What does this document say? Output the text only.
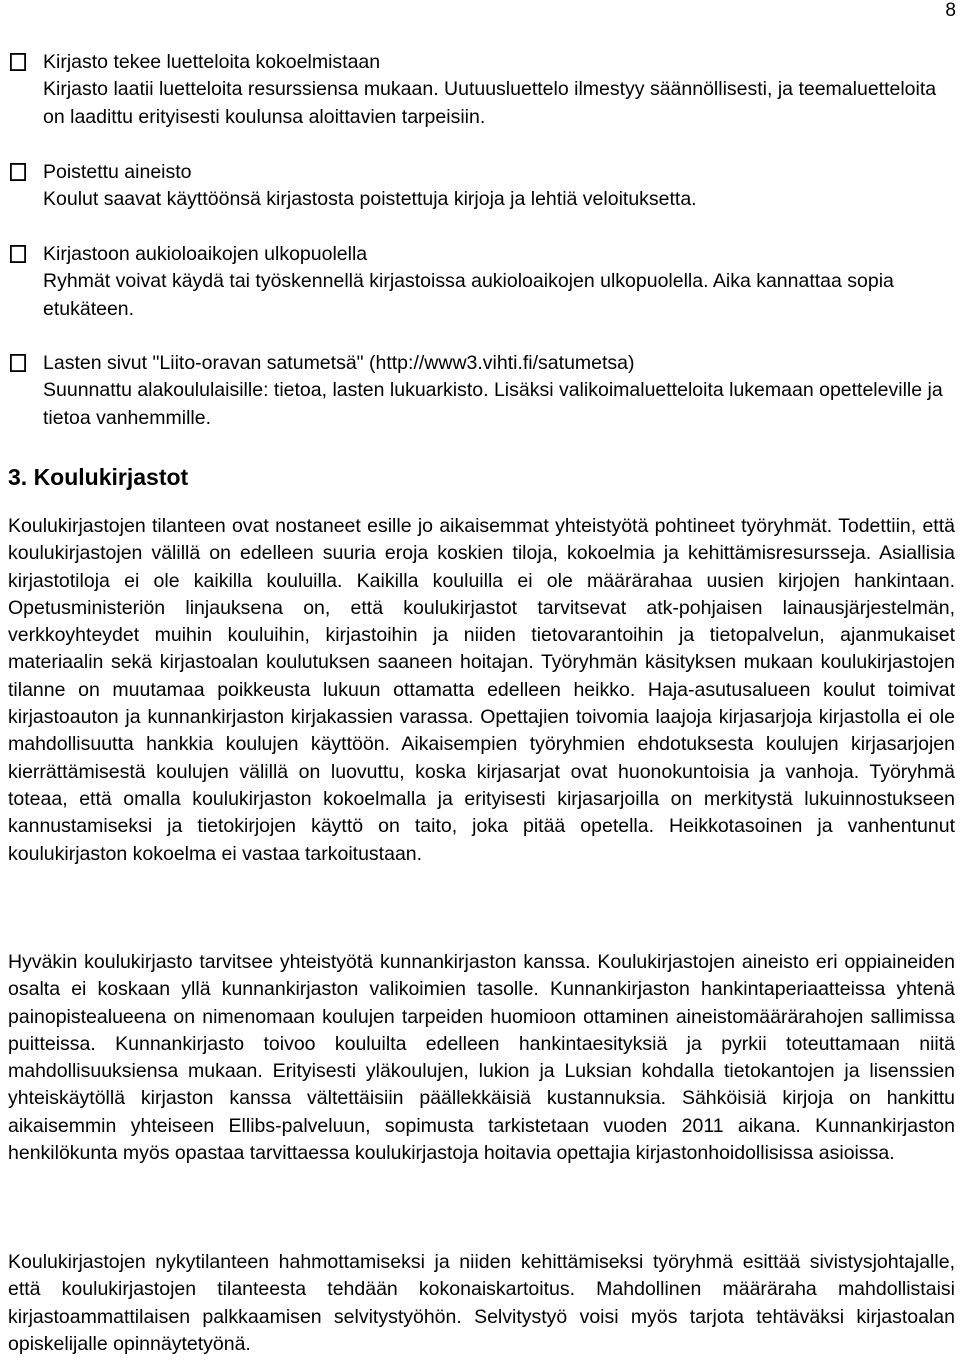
8
Kirjasto tekee luetteloita kokoelmistaan
Kirjasto laatii luetteloita resurssiensa mukaan. Uutuusluettelo ilmestyy säännöllisesti, ja teemaluetteloita on laadittu erityisesti koulunsa aloittavien tarpeisiin.
Poistettu aineisto
Koulut saavat käyttöönsä kirjastosta poistettuja kirjoja ja lehtiä veloituksetta.
Kirjastoon aukioloaikojen ulkopuolella
Ryhmät voivat käydä tai työskennellä kirjastoissa aukioloaikojen ulkopuolella. Aika kannattaa sopia etukäteen.
Lasten sivut "Liito-oravan satumetsä" (http://www3.vihti.fi/satumetsa)
Suunnattu alakoululaisille: tietoa, lasten lukuarkisto. Lisäksi valikoimaluetteloita lukemaan opetteleville ja tietoa vanhemmille.
3. Koulukirjastot

Koulukirjastojen tilanteen ovat nostaneet esille jo aikaisemmat yhteistyötä pohtineet työryhmät. Todettiin, että koulukirjastojen välillä on edelleen suuria eroja koskien tiloja, kokoelmia ja kehittämisresursseja. Asiallisia kirjastotiloja ei ole kaikilla kouluilla. Kaikilla kouluilla ei ole määrärahaa uusien kirjojen hankintaan. Opetusministeriön linjauksena on, että koulukirjastot tarvitsevat atk-pohjaisen lainausjärjestelmän, verkkoyhteydet muihin kouluihin, kirjastoihin ja niiden tietovarantoihin ja tietopalvelun, ajanmukaiset materiaalin sekä kirjastoalan koulutuksen saaneen hoitajan. Työryhmän käsityksen mukaan koulukirjastojen tilanne on muutamaa poikkeusta lukuun ottamatta edelleen heikko. Haja-asutusalueen koulut toimivat kirjastoauton ja kunnankirjaston kirjakassien varassa. Opettajien toivomia laajoja kirjasarjoja kirjastolla ei ole mahdollisuutta hankkia koulujen käyttöön. Aikaisempien työryhmien ehdotuksesta koulujen kirjasarjojen kierrättämisestä koulujen välillä on luovuttu, koska kirjasarjat ovat huonokuntoisia ja vanhoja. Työryhmä toteaa, että omalla koulukirjaston kokoelmalla ja erityisesti kirjasarjoilla on merkitystä lukuinnostukseen kannustamiseksi ja tietokirjojen käyttö on taito, joka pitää opetella. Heikkotasoinen ja vanhentunut koulukirjaston kokoelma ei vastaa tarkoitustaan.

Hyväkin koulukirjasto tarvitsee yhteistyötä kunnankirjaston kanssa. Koulukirjastojen aineisto eri oppiaineiden osalta ei koskaan yllä kunnankirjaston valikoimien tasolle. Kunnankirjaston hankintaperiaatteissa yhtenä painopistealueena on nimenomaan koulujen tarpeiden huomioon ottaminen aineistomäärärahojen sallimissa puitteissa. Kunnankirjasto toivoo kouluilta edelleen hankintaesityksiä ja pyrkii toteuttamaan niitä mahdollisuuksiensa mukaan. Erityisesti yläkoulujen, lukion ja Luksian kohdalla tietokantojen ja lisenssien yhteiskäytöllä kirjaston kanssa vältettäisiin päällekkäisiä kustannuksia. Sähköisiä kirjoja on hankittu aikaisemmin yhteiseen Ellibs-palveluun, sopimusta tarkistetaan vuoden 2011 aikana. Kunnankirjaston henkilökunta myös opastaa tarvittaessa koulukirjastoja hoitavia opettajia kirjastonhoidollisissa asioissa.

Koulukirjastojen nykytilanteen hahmottamiseksi ja niiden kehittämiseksi työryhmä esittää sivistysjohtajalle, että koulukirjastojen tilanteesta tehdään kokonaiskartoitus. Mahdollinen määräraha mahdollistaisi kirjastoammattilaisen palkkaamisen selvitystyöhön. Selvitystyö voisi myös tarjota tehtäväksi kirjastoalan opiskelijalle opinnäytetyönä.
